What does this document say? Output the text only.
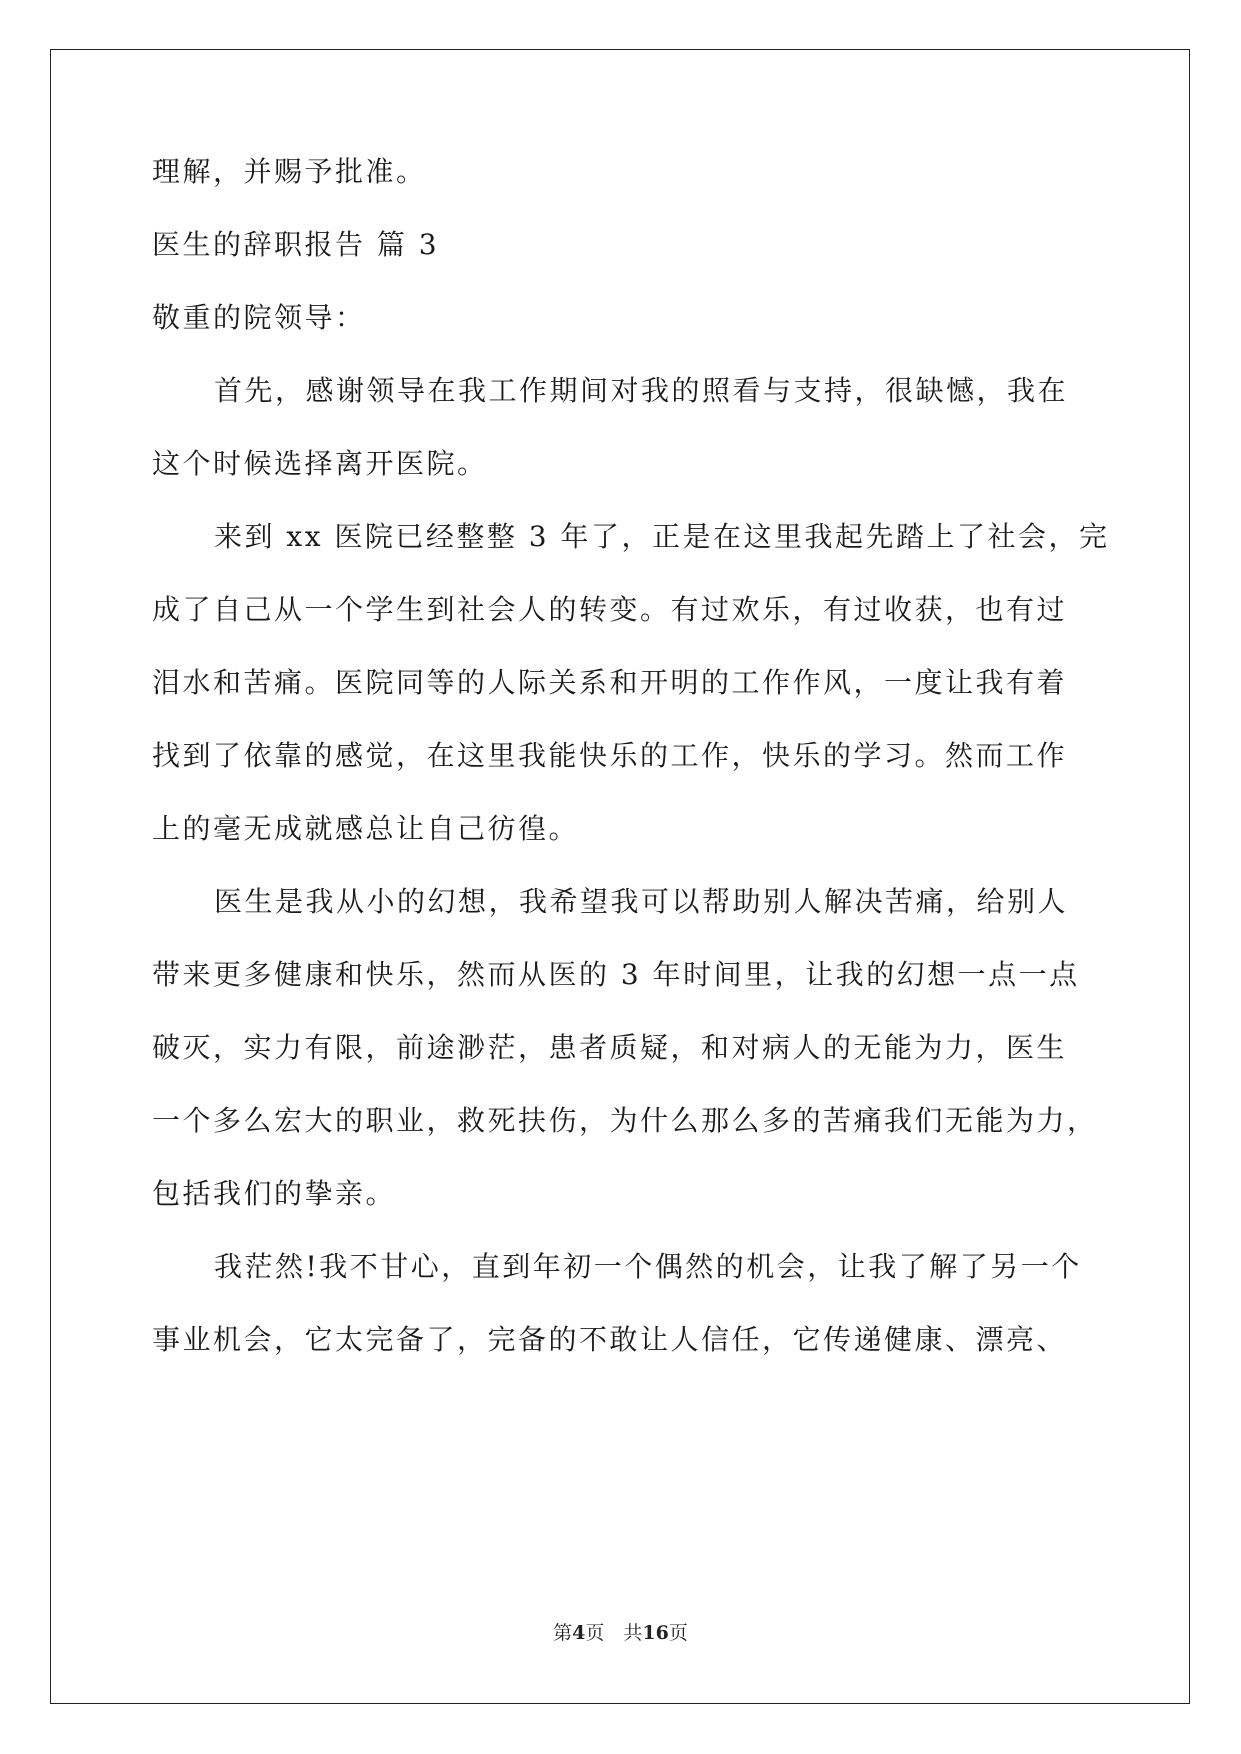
理解，并赐予批准。
医生的辞职报告 篇 3
敬重的院领导：
首先，感谢领导在我工作期间对我的照看与支持，很缺憾，我在
这个时候选择离开医院。
来到 xx 医院已经整整 3 年了，正是在这里我起先踏上了社会，完
成了自己从一个学生到社会人的转变。有过欢乐，有过收获，也有过
泪水和苦痛。医院同等的人际关系和开明的工作作风，一度让我有着
找到了依靠的感觉，在这里我能快乐的工作，快乐的学习。然而工作
上的毫无成就感总让自己彷徨。
医生是我从小的幻想，我希望我可以帮助别人解决苦痛，给别人
带来更多健康和快乐，然而从医的 3 年时间里，让我的幻想一点一点
破灭，实力有限，前途渺茫，患者质疑，和对病人的无能为力，医生
一个多么宏大的职业，救死扶伤，为什么那么多的苦痛我们无能为力，
包括我们的挚亲。
我茫然!我不甘心，直到年初一个偶然的机会，让我了解了另一个
事业机会，它太完备了，完备的不敢让人信任，它传递健康、漂亮、
第4页　共16页
